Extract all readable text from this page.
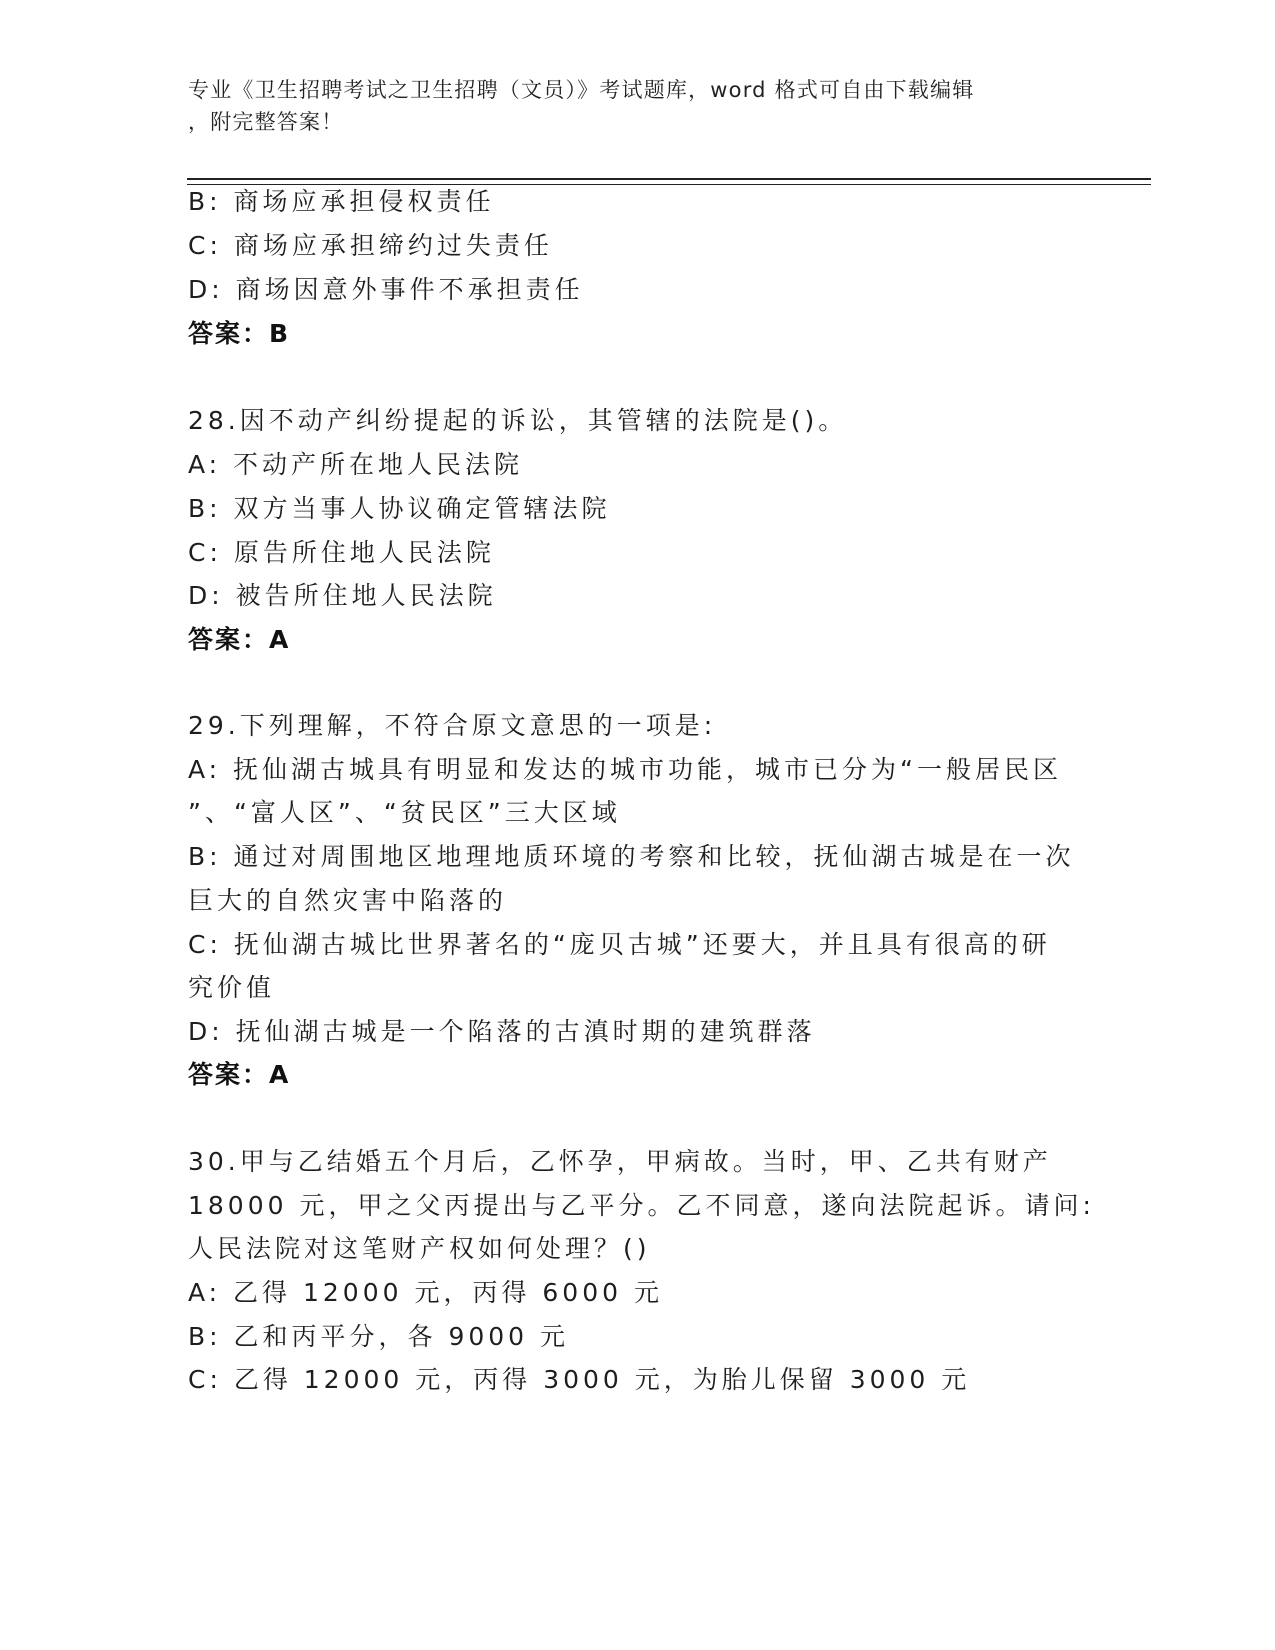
专业《卫生招聘考试之卫生招聘（文员）》考试题库，word 格式可自由下载编辑
，附完整答案！
B: 商场应承担侵权责任
C: 商场应承担缔约过失责任
D: 商场因意外事件不承担责任
答案：B
28.因不动产纠纷提起的诉讼，其管辖的法院是()。
A: 不动产所在地人民法院
B: 双方当事人协议确定管辖法院
C: 原告所住地人民法院
D: 被告所住地人民法院
答案：A
29.下列理解，不符合原文意思的一项是:
A: 抚仙湖古城具有明显和发达的城市功能，城市已分为“一般居民区
”、“富人区”、“贫民区”三大区域
B: 通过对周围地区地理地质环境的考察和比较，抚仙湖古城是在一次
巨大的自然灾害中陷落的
C: 抚仙湖古城比世界著名的“庞贝古城”还要大，并且具有很高的研
究价值
D: 抚仙湖古城是一个陷落的古滇时期的建筑群落
答案：A
30.甲与乙结婚五个月后，乙怀孕，甲病故。当时，甲、乙共有财产
18000 元，甲之父丙提出与乙平分。乙不同意，遂向法院起诉。请问:
人民法院对这笔财产权如何处理？()
A: 乙得 12000 元，丙得 6000 元
B: 乙和丙平分，各 9000 元
C: 乙得 12000 元，丙得 3000 元，为胎儿保留 3000 元
